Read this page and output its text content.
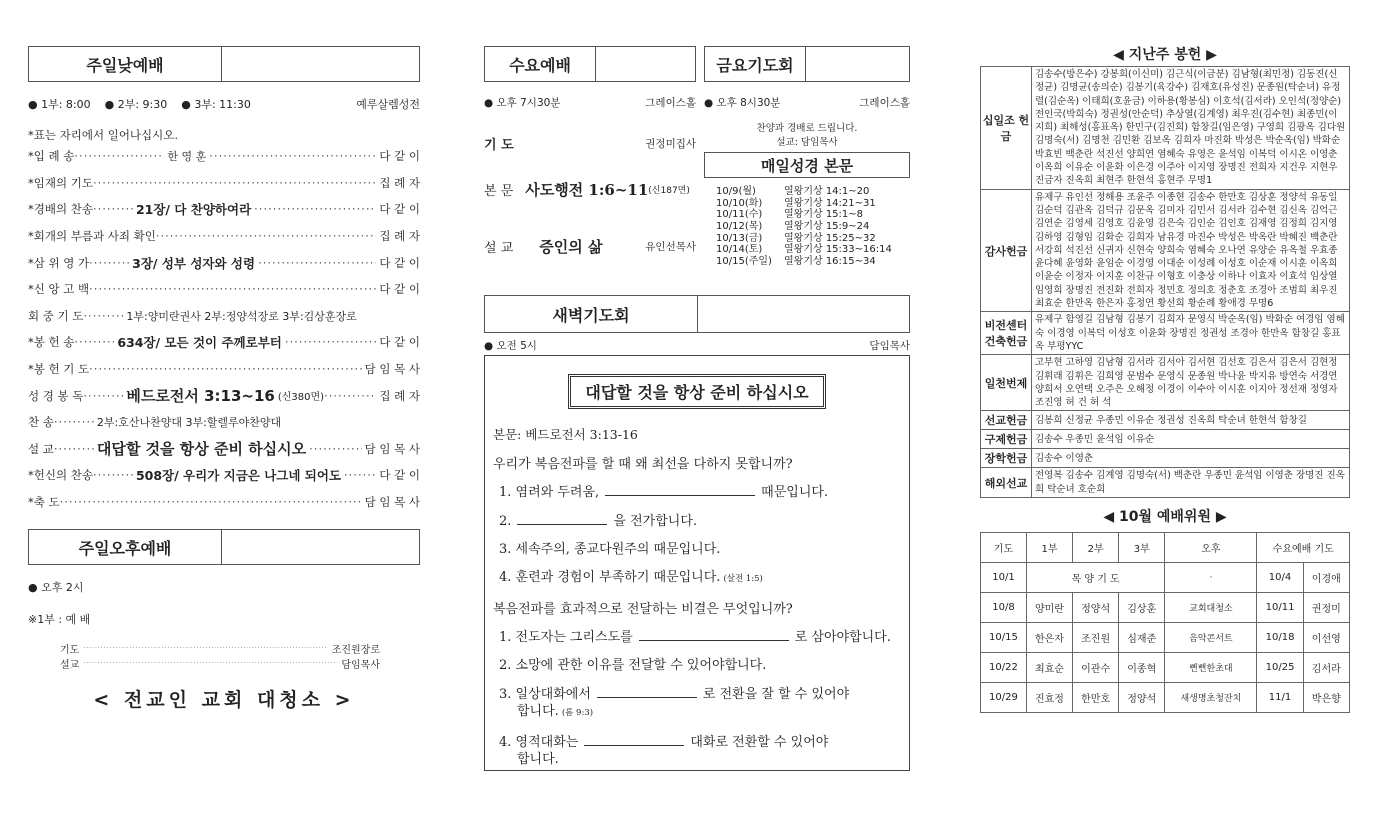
주일낮예배
● 1부: 8:00 ● 2부: 9:30 ● 3부: 11:30	예루살렘성전
*표는 자리에서 일어나십시오.
*입 례 송 ·····	한 영 훈 ·····	다 같 이
*임재의 기도 ·····	집 례 자
*경배의 찬송 ·····	21장/ 다 찬양하여라 ·····	다 같 이
*회개의 부름과 사죄 확인 ·····	집 례 자
*삼 위 영 가 ·····	3장/ 성부 성자와 성령 ·····	다 같 이
*신 앙 고 백 ·····	다 같 이
회 중 기 도 ·····	1부:양미란권사 2부:정양석장로 3부:김상훈장로
*봉 헌 송 ·····	634장/ 모든 것이 주께로부터 ·····	다 같 이
*봉 헌 기 도 ·····	담 임 목 사
성 경 봉 독 ·····	베드로전서 3:13~16 (신380면) ·····	집 례 자
찬 송 ·····	2부:호산나찬양대 3부:할렐루야찬양대
설 교 ·····	대답할 것을 항상 준비 하십시오 ·····	담 임 목 사
*헌신의 찬송 ·····	508장/ 우리가 지금은 나그네 되어도 ·····	다 같 이
*축 도 ·····	담 임 목 사
주일오후예배
● 오후 2시
※1부 : 예 배
기도 ·····	조진원장로
설교 ·····	담임목사
< 전교인 교회 대청소 >
수요예배
● 오후 7시30분	그레이스홀
기 도	권정미집사
본 문 사도행전 1:6~11 (신187면)
설 교 증인의 삶	유인선목사
금요기도회
● 오후 8시30분	그레이스홀
찬양과 경배로 드립니다.
설교: 담임목사
매일성경 본문
10/9(월)	열왕기상 14:1~20
10/10(화)	열왕기상 14:21~31
10/11(수)	열왕기상 15:1~8
10/12(목)	열왕기상 15:9~24
10/13(금)	열왕기상 15:25~32
10/14(토)	열왕기상 15:33~16:14
10/15(주일)	열왕기상 16:15~34
새벽기도회
● 오전 5시	담임목사
대답할 것을 항상 준비 하십시오
본문: 베드로전서 3:13-16
우리가 복음전파를 할 때 왜 최선을 다하지 못합니까?
1. 염려와 두려움,	때문입니다.
2.	을 전가합니다.
3. 세속주의, 종교다원주의 때문입니다.
4. 훈련과 경험이 부족하기 때문입니다. (살전 1:5)
복음전파를 효과적으로 전달하는 비결은 무엇입니까?
1. 전도자는 그리스도를	로 삼아야합니다.
2. 소망에 관한 이유를 전달할 수 있어야합니다.
3. 일상대화에서	로 전환을 잘 할 수 있어야
합니다. (롬 9:3)
4. 영적대화는	대화로 전환할 수 있어야
합니다.
◀ 지난주 봉헌 ▶
십일조 헌금	김송수(방은수) 강봉희(이신미) 김근식(이금분) 김남형(최민정) 김동진(신정균) 김명균(송의순) 김봉기(육강수) 김재호(유성진) 문종원(탁순녀) 유정렬(김순옥) 이태희(호윤금) 이하용(황봉심) 이호석(김서라) 오인석(정양순) 전인국(박희숙) 정권성(안순덕) 추상열(김계영) 최우진(김수현) 최종민(이지희) 최해성(홍표옥) 한민구(김진희) 함창길(임은영) 구영희 김광옥 김다원 김명숙(서) 김명천 김민환 김보옥 김희자 마진화 박성은 박순옥(임) 박화순 박효빈 백춘란 석진선 양희연 염혜숙 유영은 윤석임 이복덕 이시온 이영춘 이옥희 이유순 이윤화 이은경 이주아 이지영 장명진 전희자 지건우 지현우 진금자 진옥희 최현주 한현석 홍현주 무명1
감사헌금	유제구 유인선 정해용 조윤주 이종현 김송수 한만호 김상훈 정양석 유동일 김순덕 김관옥 김덕규 김문옥 김미자 김민서 김서라 김수현 김신옥 김억근 김연순 김영세 김영호 김윤영 김은숙 김인순 김인호 김재영 김정희 김지영 김하영 김형임 김화순 김희자 남유경 마진수 박성은 박옥란 박혜진 백춘란 서강희 석진선 신귀자 신현숙 양희숙 염혜숙 오나연 유양순 유옥철 우효종 윤다혜 윤영화 윤임순 이경영 이대순 이성례 이성호 이순재 이시훈 이옥희 이윤순 이정자 이지훈 이찬규 이형호 이충상 이하나 이효자 이효석 임상열 임영희 장명진 전진화 전희자 정민호 정의호 정춘호 조경아 조범희 최우진 최효순 한만옥 한은자 홍정연 황선희 황순례 황애경 무명6
비전센터 건축헌금	유제구 함영길 김남형 김봉기 김희자 문영식 박순옥(임) 박화순 여경임 염혜숙 이경영 이복덕 이성호 이윤화 장명진 정권성 조경아 한만옥 함창길 홍표옥 부평YYC
일천번제	고부현 고하영 김남형 김서라 김서아 김서현 김선호 김은서 김은서 김현정 김휘래 김휘은 김희영 문범수 문영식 문종원 박나윤 박지유 방연숙 서경연 양희서 오연택 오주은 오해정 이경이 이수아 이시훈 이지아 정선재 정영자 조진영 허 건 허 석
선교헌금	김봉희 신정균 우종민 이유순 정권성 진옥희 탁순녀 한현석 함창길
구제헌금	김송수 우종민 윤석임 이유순
장학헌금	김송수 이영춘
해외선교	전영복 김송수 김계영 김명숙(서) 백춘란 우종민 윤석임 이영춘 장명진 진옥희 탁순녀 호순희
◀ 10월 예배위원 ▶
기도	1부	2부	3부	오후	수요예배 기도	
10/1	목 양 기 도			·	10/4	이경애
10/8	양미란	정양석	김상훈	교회대청소	10/11	권정미
10/15	한은자	조진원	심재준	음악콘서트	10/18	이선영
10/22	최효순	이관수	이종혁	뻔뻔한초대	10/25	김서라
10/29	진효정	한만호	정양석	새생명초청잔치	11/1	박은향
